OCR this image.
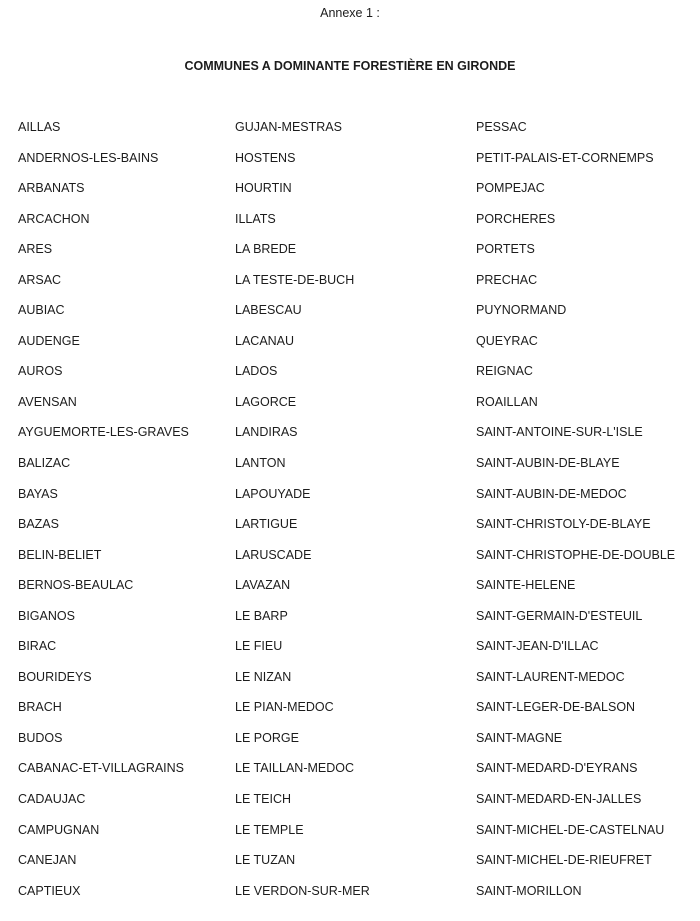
Annexe 1 :
COMMUNES A DOMINANTE FORESTIÈRE EN GIRONDE
AILLAS
ANDERNOS-LES-BAINS
ARBANATS
ARCACHON
ARES
ARSAC
AUBIAC
AUDENGE
AUROS
AVENSAN
AYGUEMORTE-LES-GRAVES
BALIZAC
BAYAS
BAZAS
BELIN-BELIET
BERNOS-BEAULAC
BIGANOS
BIRAC
BOURIDEYS
BRACH
BUDOS
CABANAC-ET-VILLAGRAINS
CADAUJAC
CAMPUGNAN
CANEJAN
CAPTIEUX
GUJAN-MESTRAS
HOSTENS
HOURTIN
ILLATS
LA BREDE
LA TESTE-DE-BUCH
LABESCAU
LACANAU
LADOS
LAGORCE
LANDIRAS
LANTON
LAPOUYADE
LARTIGUE
LARUSCADE
LAVAZAN
LE BARP
LE FIEU
LE NIZAN
LE PIAN-MEDOC
LE PORGE
LE TAILLAN-MEDOC
LE TEICH
LE TEMPLE
LE TUZAN
LE VERDON-SUR-MER
PESSAC
PETIT-PALAIS-ET-CORNEMPS
POMPEJAC
PORCHERES
PORTETS
PRECHAC
PUYNORMAND
QUEYRAC
REIGNAC
ROAILLAN
SAINT-ANTOINE-SUR-L'ISLE
SAINT-AUBIN-DE-BLAYE
SAINT-AUBIN-DE-MEDOC
SAINT-CHRISTOLY-DE-BLAYE
SAINT-CHRISTOPHE-DE-DOUBLE
SAINTE-HELENE
SAINT-GERMAIN-D'ESTEUIL
SAINT-JEAN-D'ILLAC
SAINT-LAURENT-MEDOC
SAINT-LEGER-DE-BALSON
SAINT-MAGNE
SAINT-MEDARD-D'EYRANS
SAINT-MEDARD-EN-JALLES
SAINT-MICHEL-DE-CASTELNAU
SAINT-MICHEL-DE-RIEUFRET
SAINT-MORILLON
